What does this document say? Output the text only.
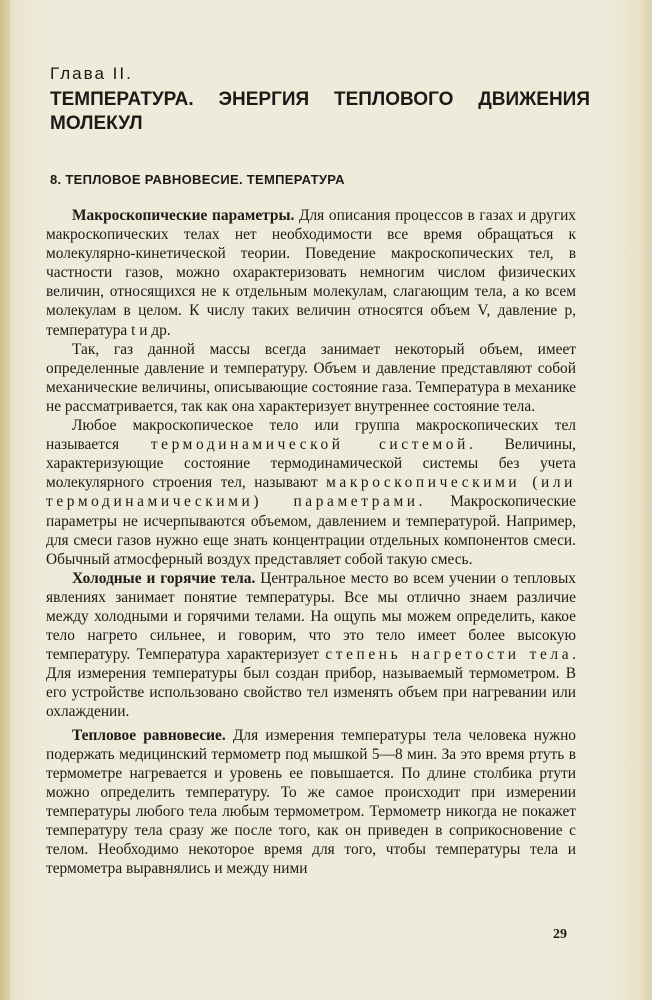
Глава II.
ТЕМПЕРАТУРА. ЭНЕРГИЯ ТЕПЛОВОГО ДВИЖЕНИЯ МОЛЕКУЛ
8. ТЕПЛОВОЕ РАВНОВЕСИЕ. ТЕМПЕРАТУРА

Макроскопические параметры. Для описания процессов в газах и других макроскопических телах нет необходимости все время обращаться к молекулярно-кинетической теории. Поведение макроскопических тел, в частности газов, можно охарактеризовать немногим числом физических величин, относящихся не к отдельным молекулам, слагающим тела, а ко всем молекулам в целом. К числу таких величин относятся объем V, давление p, температура t и др.

Так, газ данной массы всегда занимает некоторый объем, имеет определенные давление и температуру. Объем и давление представляют собой механические величины, описывающие состояние газа. Температура в механике не рассматривается, так как она характеризует внутреннее состояние тела.

Любое макроскопическое тело или группа макроскопических тел называется термодинамической системой. Величины, характеризующие состояние термодинамической системы без учета молекулярного строения тел, называют макроскопическими (или термодинамическими) параметрами. Макроскопические параметры не исчерпываются объемом, давлением и температурой. Например, для смеси газов нужно еще знать концентрации отдельных компонентов смеси. Обычный атмосферный воздух представляет собой такую смесь.

Холодные и горячие тела. Центральное место во всем учении о тепловых явлениях занимает понятие температуры. Все мы отлично знаем различие между холодными и горячими телами. На ощупь мы можем определить, какое тело нагрето сильнее, и говорим, что это тело имеет более высокую температуру. Температура характеризует степень нагретости тела. Для измерения температуры был создан прибор, называемый термометром. В его устройстве использовано свойство тел изменять объем при нагревании или охлаждении.

Тепловое равновесие. Для измерения температуры тела человека нужно подержать медицинский термометр под мышкой 5—8 мин. За это время ртуть в термометре нагревается и уровень ее повышается. По длине столбика ртути можно определить температуру. То же самое происходит при измерении температуры любого тела любым термометром. Термометр никогда не покажет температуру тела сразу же после того, как он приведен в соприкосновение с телом. Необходимо некоторое время для того, чтобы температуры тела и термометра выравнялись и между ними

29
